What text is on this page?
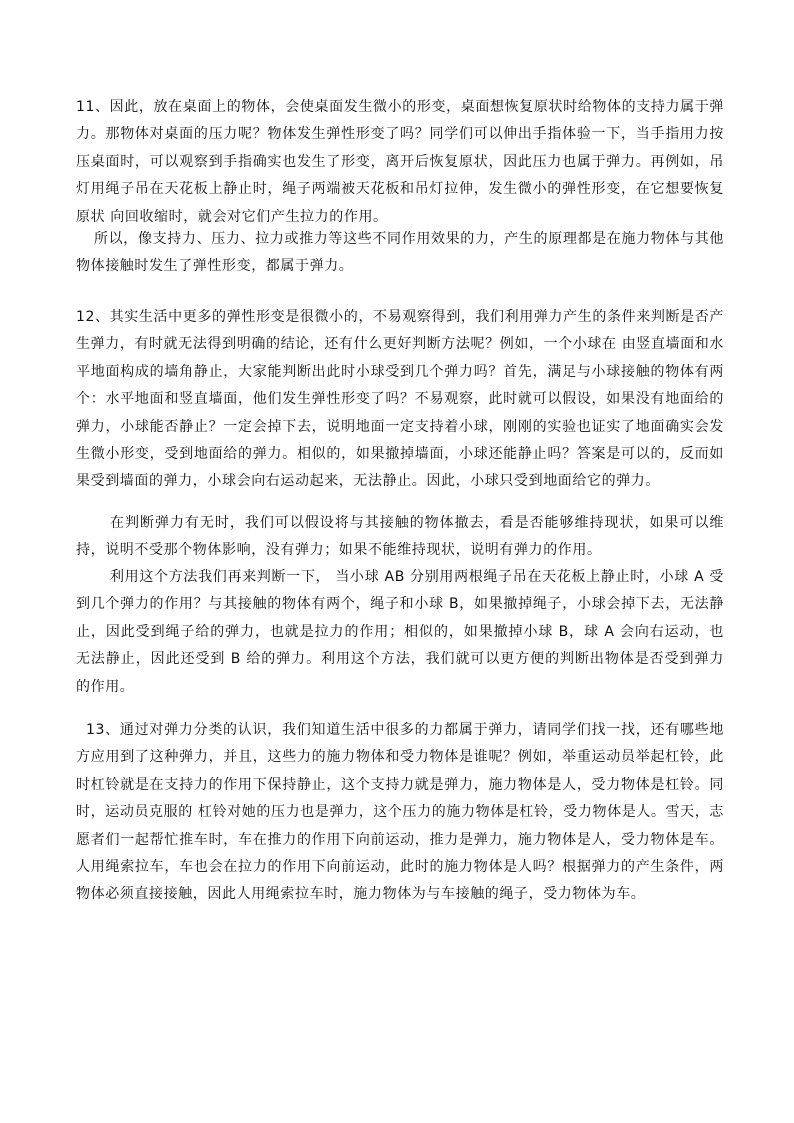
11、因此，放在桌面上的物体，会使桌面发生微小的形变，桌面想恢复原状时给物体的支持力属于弹力。那物体对桌面的压力呢？物体发生弹性形变了吗？同学们可以伸出手指体验一下，当手指用力按压桌面时，可以观察到手指确实也发生了形变，离开后恢复原状，因此压力也属于弹力。再例如，吊灯用绳子吊在天花板上静止时，绳子两端被天花板和吊灯拉伸，发生微小的弹性形变，在它想要恢复原状 向回收缩时，就会对它们产生拉力的作用。

所以，像支持力、压力、拉力或推力等这些不同作用效果的力，产生的原理都是在施力物体与其他物体接触时发生了弹性形变，都属于弹力。

12、其实生活中更多的弹性形变是很微小的，不易观察得到，我们利用弹力产生的条件来判断是否产生弹力，有时就无法得到明确的结论，还有什么更好判断方法呢？例如，一个小球在 由竖直墙面和水平地面构成的墙角静止，大家能判断出此时小球受到几个弹力吗？首先，满足与小球接触的物体有两个：水平地面和竖直墙面，他们发生弹性形变了吗？不易观察，此时就可以假设，如果没有地面给的弹力，小球能否静止？一定会掉下去，说明地面一定支持着小球，刚刚的实验也证实了地面确实会发生微小形变，受到地面给的弹力。相似的，如果撤掉墙面，小球还能静止吗？答案是可以的，反而如果受到墙面的弹力，小球会向右运动起来，无法静止。因此，小球只受到地面给它的弹力。

在判断弹力有无时，我们可以假设将与其接触的物体撤去，看是否能够维持现状，如果可以维持，说明不受那个物体影响，没有弹力；如果不能维持现状，说明有弹力的作用。

利用这个方法我们再来判断一下， 当小球 AB 分别用两根绳子吊在天花板上静止时，小球 A 受到几个弹力的作用？与其接触的物体有两个，绳子和小球 B，如果撤掉绳子，小球会掉下去，无法静止，因此受到绳子给的弹力，也就是拉力的作用；相似的，如果撤掉小球 B，球 A 会向右运动，也无法静止，因此还受到 B 给的弹力。利用这个方法，我们就可以更方便的判断出物体是否受到弹力的作用。

13、通过对弹力分类的认识，我们知道生活中很多的力都属于弹力，请同学们找一找，还有哪些地方应用到了这种弹力，并且，这些力的施力物体和受力物体是谁呢？例如，举重运动员举起杠铃，此时杠铃就是在支持力的作用下保持静止，这个支持力就是弹力，施力物体是人，受力物体是杠铃。同时，运动员克服的 杠铃对她的压力也是弹力，这个压力的施力物体是杠铃，受力物体是人。雪天，志愿者们一起帮忙推车时，车在推力的作用下向前运动，推力是弹力，施力物体是人，受力物体是车。人用绳索拉车，车也会在拉力的作用下向前运动，此时的施力物体是人吗？根据弹力的产生条件，两物体必须直接接触，因此人用绳索拉车时，施力物体为与车接触的绳子，受力物体为车。
